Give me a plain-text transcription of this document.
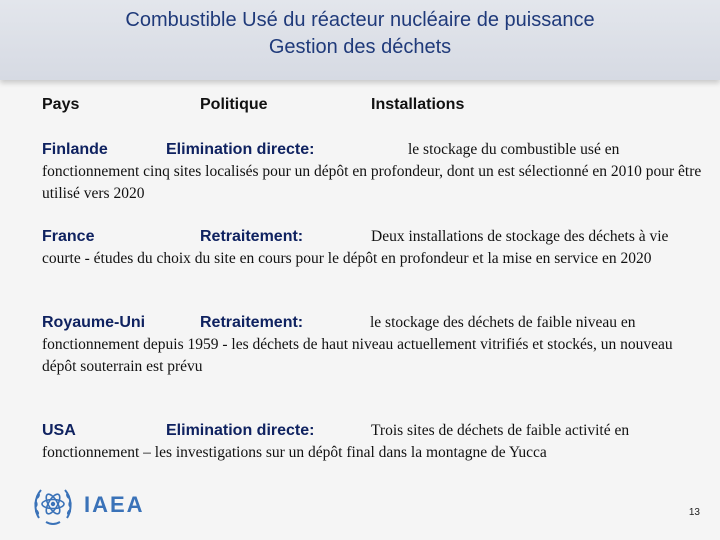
Combustible Usé du réacteur nucléaire de puissance
Gestion des déchets
Pays	Politique	Installations
Finlande	Elimination directe:	le stockage du combustible usé en fonctionnement cinq sites localisés pour un dépôt en profondeur, dont un est sélectionné en 2010 pour être utilisé vers 2020
France	Retraitement:	Deux installations de stockage des déchets à vie courte - études du choix du site en cours pour le dépôt en profondeur et la mise en service en 2020
Royaume-Uni	Retraitement:	le stockage des déchets de faible niveau en fonctionnement depuis 1959 - les déchets de haut niveau actuellement vitrifiés et stockés, un nouveau dépôt souterrain est prévu
USA	Elimination directe:	Trois sites de déchets de faible activité en fonctionnement – les investigations sur un dépôt final dans la montagne de Yucca
IAEA	13
